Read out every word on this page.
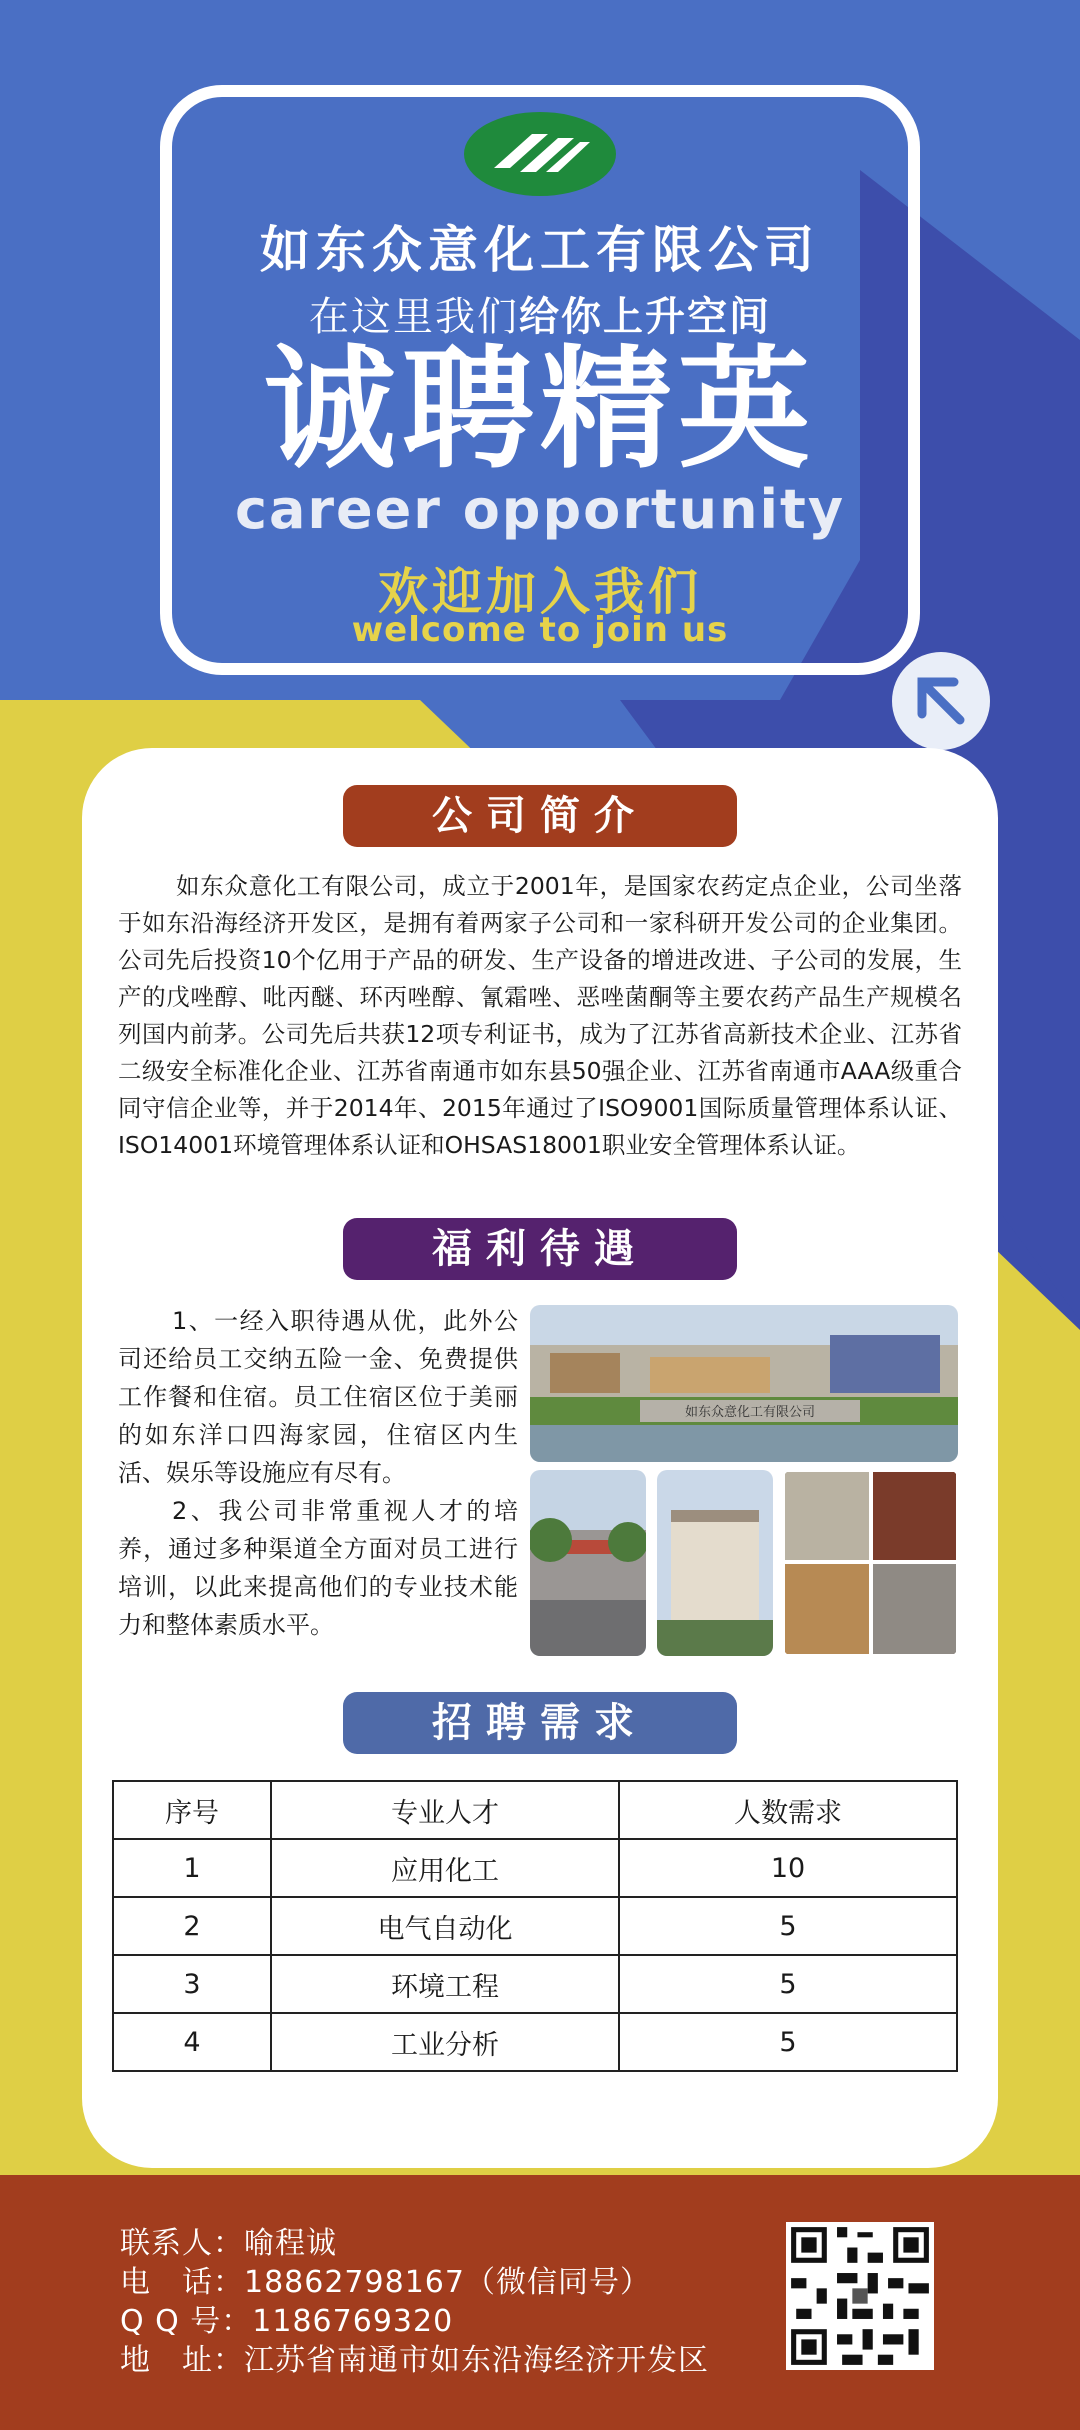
如东众意化工有限公司
在这里我们给你上升空间
诚聘精英
career opportunity
欢迎加入我们
welcome to join us
公司简介
如东众意化工有限公司，成立于2001年，是国家农药定点企业，公司坐落于如东沿海经济开发区，是拥有着两家子公司和一家科研开发公司的企业集团。公司先后投资10个亿用于产品的研发、生产设备的增进改进、子公司的发展，生产的戊唑醇、吡丙醚、环丙唑醇、氰霜唑、恶唑菌酮等主要农药产品生产规模名列国内前茅。公司先后共获12项专利证书，成为了江苏省高新技术企业、江苏省二级安全标准化企业、江苏省南通市如东县50强企业、江苏省南通市AAA级重合同守信企业等，并于2014年、2015年通过了ISO9001国际质量管理体系认证、ISO14001环境管理体系认证和OHSAS18001职业安全管理体系认证。
福利待遇

1、一经入职待遇从优，此外公司还给员工交纳五险一金、免费提供工作餐和住宿。员工住宿区位于美丽的如东洋口四海家园，住宿区内生活、娱乐等设施应有尽有。

2、我公司非常重视人才的培养，通过多种渠道全方面对员工进行培训，以此来提高他们的专业技术能力和整体素质水平。

如东众意化工有限公司
招聘需求
序号	专业人才	人数需求
1	应用化工	10
2	电气自动化	5
3	环境工程	5
4	工业分析	5
联系人：喻程诚
电　话：18862798167（微信同号）
Q Q 号：1186769320
地　址：江苏省南通市如东沿海经济开发区
